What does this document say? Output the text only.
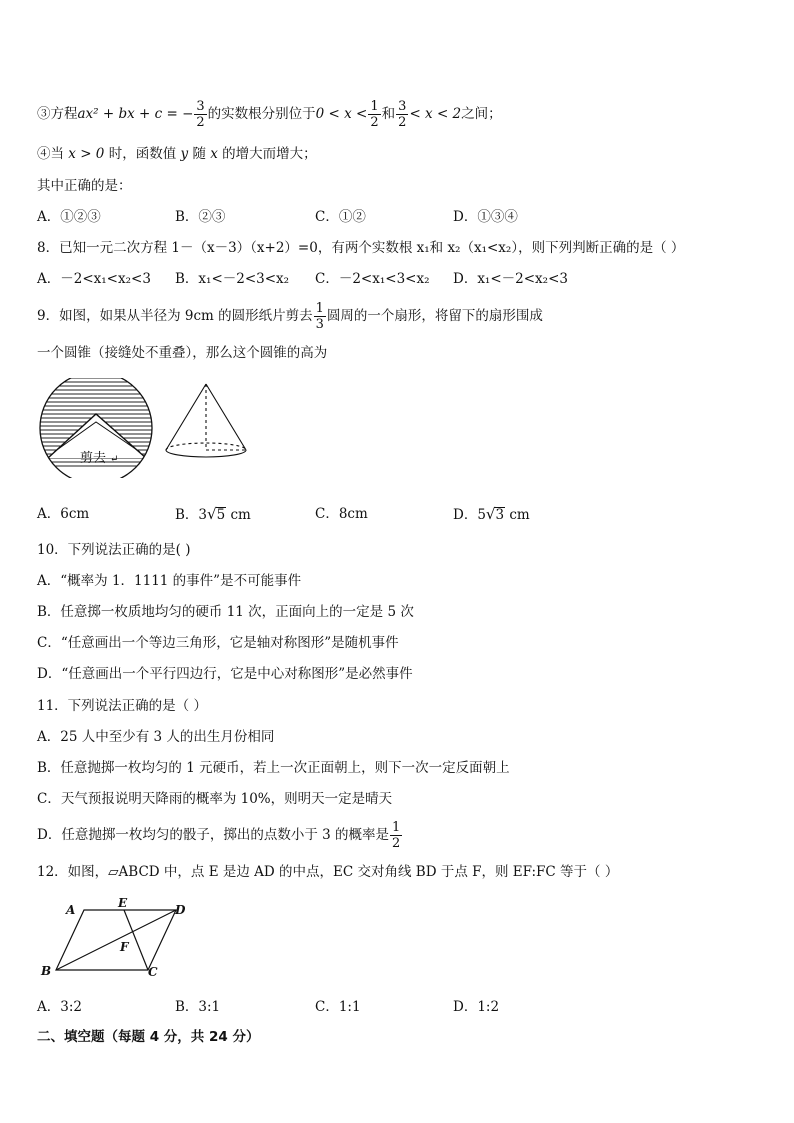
③方程 ax² + bx + c = − $\frac{3}{2}$ 的实数根分别位于 $0 < x < \frac{1}{2}$ 和 $\frac{3}{2} < x < 2$ 之间；
④当 x > 0 时，函数值 y 随 x 的增大而增大；
其中正确的是：
A．①②③	B．②③	C．①②	D．①③④
8．已知一元二次方程 1－（x－3）（x+2）=0，有两个实数根 x₁和 x₂（x₁<x₂），则下列判断正确的是（ ）
A．－2<x₁<x₂<3 B．x₁<－2<3<x₂ C．－2<x₁<3<x₂ D．x₁<－2<x₂<3
9．如图，如果从半径为 9cm 的圆形纸片剪去 $\frac{1}{3}$ 圆周的一个扇形，将留下的扇形围成
一个圆锥（接缝处不重叠），那么这个圆锥的高为
剪去 ↵
A．6cm	B．3√5 cm	C．8cm	D．5√3 cm
10．下列说法正确的是( )
A．“概率为 1．1111 的事件”是不可能事件
B．任意掷一枚质地均匀的硬币 11 次，正面向上的一定是 5 次
C．“任意画出一个等边三角形，它是轴对称图形”是随机事件
D．“任意画出一个平行四边行，它是中心对称图形”是必然事件
11．下列说法正确的是（ ）
A．25 人中至少有 3 人的出生月份相同
B．任意抛掷一枚均匀的 1 元硬币，若上一次正面朝上，则下一次一定反面朝上
C．天气预报说明天降雨的概率为 10%，则明天一定是晴天
D．任意抛掷一枚均匀的骰子，掷出的点数小于 3 的概率是 $\frac{1}{2}$
12．如图，▱ABCD 中，点 E 是边 AD 的中点，EC 交对角线 BD 于点 F，则 EF:FC 等于（ ）
A	E	D
F
B	C
A．3:2	B．3:1	C．1:1	D．1:2
二、填空题（每题 4 分，共 24 分）
